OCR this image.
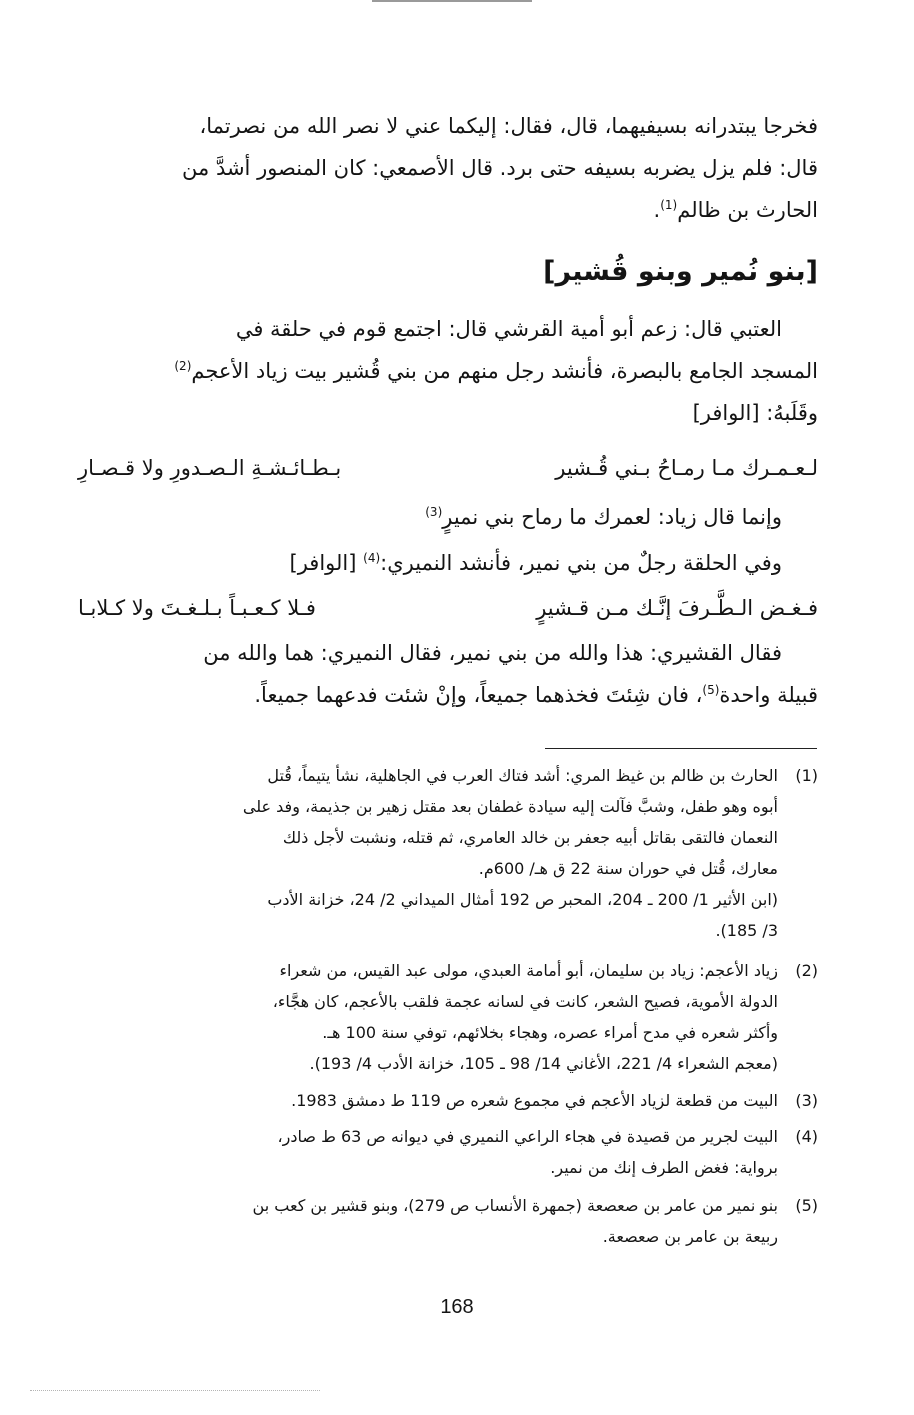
فخرجا يبتدرانه بسيفيهما، قال، فقال: إليكما عني لا نصر الله من نصرتما،
قال: فلم يزل يضربه بسيفه حتى برد. قال الأصمعي: كان المنصور أشدَّ من
الحارث بن ظالم$^{(1)}$.
[بنو نُمير وبنو قُشير]
العتبي قال: زعم أبو أمية القرشي قال: اجتمع قوم في حلقة في
المسجد الجامع بالبصرة، فأنشد رجل منهم من بني قُشير بيت زياد الأعجم$^{(2)}$
وقَلَبهُ: [الوافر]
لـعـمـرك مـا رمـاحُ بـني قُـشير
بـطـائـشـةِ الـصـدورِ ولا قـصـارِ
وإنما قال زياد: لعمرك ما رماح بني نميرٍ$^{(3)}$
وفي الحلقة رجلٌ من بني نمير، فأنشد النميري:$^{(4)}$ [الوافر]
فـغـض الـطَّـرفَ إنَّـك مـن قـشيرٍ
فـلا كـعـبـاً بـلـغـتَ ولا كـلابـا
فقال القشيري: هذا والله من بني نمير، فقال النميري: هما والله من
قبيلة واحدة$^{(5)}$، فان شِئتَ فخذهما جميعاً، وإنْ شئت فدعهما جميعاً.
(1)
الحارث بن ظالم بن غيظ المري: أشد فتاك العرب في الجاهلية، نشأ يتيماً، قُتل
أبوه وهو طفل، وشبَّ فآلت إليه سيادة غطفان بعد مقتل زهير بن جذيمة، وفد على
النعمان فالتقى بقاتل أبيه جعفر بن خالد العامري، ثم قتله، ونشبت لأجل ذلك
معارك، قُتل في حوران سنة 22 ق هـ/ 600م.
(ابن الأثير 1/ 200 ـ 204، المحبر ص 192 أمثال الميداني 2/ 24، خزانة الأدب
3/ 185).
(2)
زياد الأعجم: زياد بن سليمان، أبو أمامة العبدي، مولى عبد القيس، من شعراء
الدولة الأموية، فصيح الشعر، كانت في لسانه عجمة فلقب بالأعجم، كان هجَّاء،
وأكثر شعره في مدح أمراء عصره، وهجاء بخلائهم، توفي سنة 100 هـ.
(معجم الشعراء 4/ 221، الأغاني 14/ 98 ـ 105، خزانة الأدب 4/ 193).
(3)
البيت من قطعة لزياد الأعجم في مجموع شعره ص 119 ط دمشق 1983.
(4)
البيت لجرير من قصيدة في هجاء الراعي النميري في ديوانه ص 63 ط صادر،
برواية: فغض الطرف إنك من نمير.
(5)
بنو نمير من عامر بن صعصعة (جمهرة الأنساب ص 279)، وبنو قشير بن كعب بن
ربيعة بن عامر بن صعصعة.
168
